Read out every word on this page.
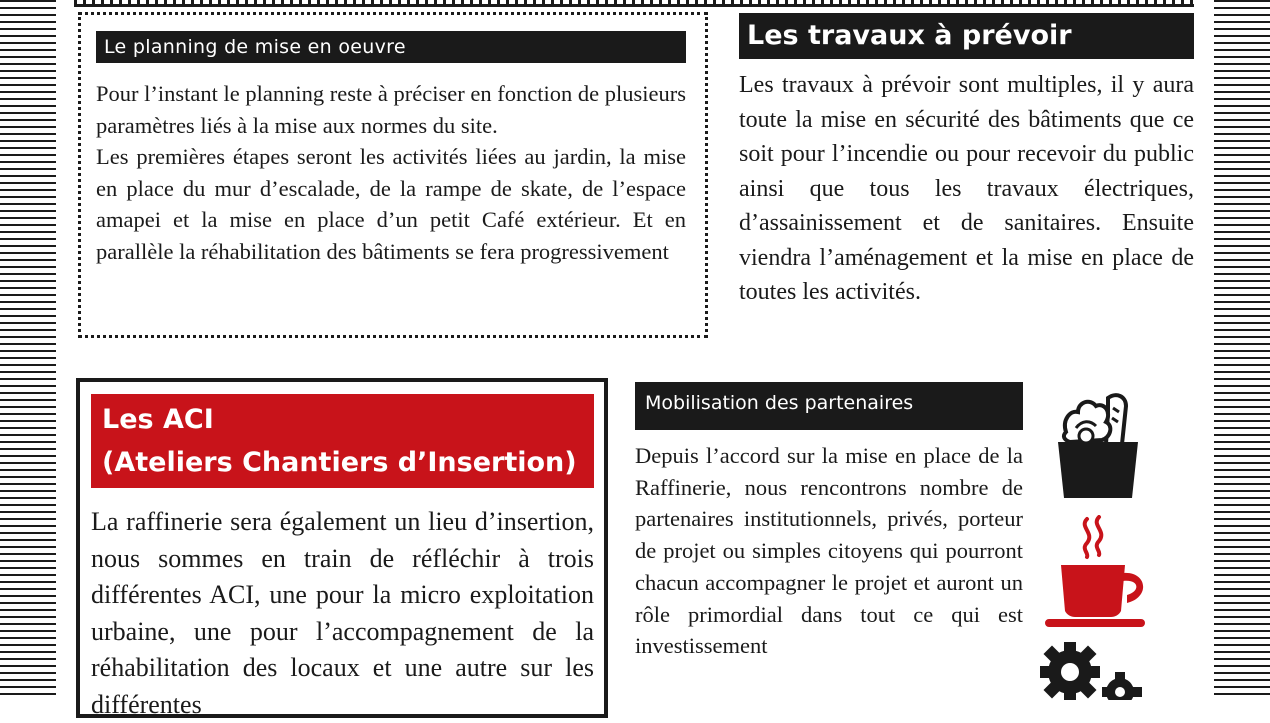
Le planning de mise en oeuvre

Pour l’instant le planning reste à préciser en fonction de plusieurs paramètres liés à la mise aux normes du site.

Les premières étapes seront les activités liées au jardin, la mise en place du mur d’escalade, de la rampe de skate, de l’espace amapei et la mise en place d’un petit Café extérieur. Et en parallèle la réhabilitation des bâtiments se fera progressivement

Les travaux à prévoir

Les travaux à prévoir sont multiples, il y aura toute la mise en sécurité des bâtiments que ce soit pour l’incendie ou pour recevoir du public ainsi que tous les travaux électriques, d’assainissement et de sanitaires. Ensuite viendra l’aménagement et la mise en place de toutes les activités.

Les ACI
(Ateliers Chantiers d’Insertion)

La raffinerie sera également un lieu d’insertion, nous sommes en train de réfléchir à trois différentes ACI, une pour la micro exploitation urbaine, une pour l’accompagnement de la réhabilitation des locaux et une autre sur les différentes

Mobilisation des partenaires

Depuis l’accord sur la mise en place de la Raffinerie, nous rencontrons nombre de partenaires institutionnels, privés, porteur de projet ou simples citoyens qui pourront chacun accompagner le projet et auront un rôle primordial dans tout ce qui est investissement
